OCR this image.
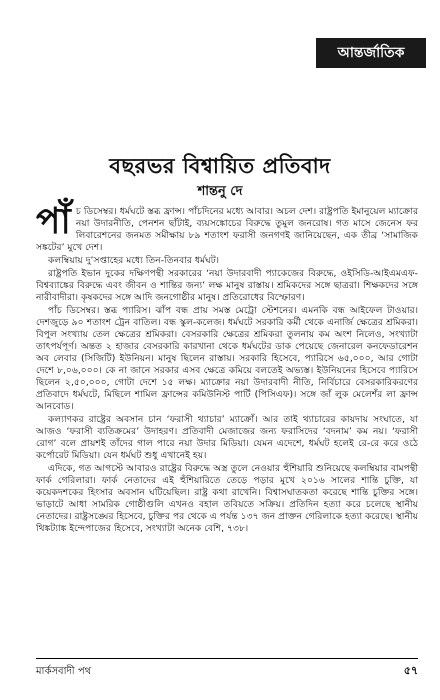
আন্তর্জাতিক
বছরভর বিশ্বায়িত প্রতিবাদ
শান্তনু দে

পাঁচ ডিসেম্বর। ধর্মঘটে স্তব্ধ ফ্রান্স। পাঁচদিনের মধ্যে আবার। অচল দেশ। রাষ্ট্রপতি ইমানুয়েল ম্যাক্রোর নয়া উদারনীতি, পেনশন ছাঁটাই, ব্যয়সঙ্কোচের বিরুদ্ধে তুমুল জনরোষ। গত মাসে জেনেস ফর লিবারেশনের জনমত সমীক্ষায় ৮৯ শতাংশ ফরাসী জনগণই জানিয়েছেন, এক তীব্র ‘সামাজিক সঙ্কটের’ মুখে দেশ।

কলম্বিয়ায় দু’সপ্তাহের মধ্যে তিন-তিনবার ধর্মঘট।

রাষ্ট্রপতি ইভান দুকের দক্ষিণপন্থী সরকারের ‘নয়া উদারবাদী প্যাকেজের বিরুদ্ধে, ওইসিডি-আইএমএফ-বিশ্বব্যাঙ্কের বিরুদ্ধে এবং জীবন ও শান্তির জন্য’ লক্ষ মানুষ রাস্তায়। শ্রমিকদের সঙ্গে ছাত্ররা। শিক্ষকদের সঙ্গে নারীবাদীরা। কৃষকদের সঙ্গে আদি জনগোষ্ঠীর মানুষ। প্রতিরোধের বিস্ফোরণ।

পাঁচ ডিসেম্বর। স্তব্ধ প্যারিস। ঝাঁপ বন্ধ প্রায় সমস্ত মেট্রো স্টেশনের। এমনকি বন্ধ আইফেল টাওয়ার। দেশজুড়ে ৯০ শতাংশ ট্রেন বাতিল। বন্ধ স্কুল-কলেজ। ধর্মঘটে সরকারি কর্মী থেকে এনার্জি ক্ষেত্রের শ্রমিকরা। বিপুল সংখ্যায় তেল ক্ষেত্রের শ্রমিকরা। বেসরকারি ক্ষেত্রের শ্রমিকরা তুলনায় কম অংশ নিলেও, সংখ্যাটা তাৎপর্যপূর্ণ। অন্তত ২ হাজার বেসরকারি কারখানা থেকে ধর্মঘটের ডাক পেয়েছে জেনারেল কনফেডারেশন অব লেবার (সিজিটি) ইউনিয়ন। মানুষ ছিলেন রাস্তায়। সরকারি হিসেবে, প্যারিসে ৬৫,০০০, আর গোটা দেশে ৮,০৬,০০০। কে না জানে সরকার এসব ক্ষেত্রে কমিয়ে বলতেই অভ্যস্ত। ইউনিয়নের হিসেবে প্যারিসে ছিলেন ২,৫০,০০০, গোটা দেশে ১৫ লক্ষ। ম্যাক্রোর নয়া উদারবাদী নীতি, নির্বিচারে বেসরকারিকরণের প্রতিবাদে ধর্মঘটে, মিছিলে শামিল ফ্রান্সের কমিউনিস্ট পার্টি (পিসিএফ)। সঙ্গে জাঁ লুক মেলেশঁর লা ফ্রান্স আনবোড।

কল্যাণকর রাষ্ট্রের অবসান চান ‘ফরাসী থ্যাচার’ ম্যাক্রোঁ। আর তাই থ্যাচারের কায়দায় সংঘাতে, যা আজও ‘ফরাসী ব্যতিক্রমের’ উদাহরণ। প্রতিবাদী মেজাজের জন্য ফরাসিদের ‘বদনাম’ কম নয়। ‘ফরাসী রোগ’ বলে প্রায়শই তাঁদের গাল পারে নয়া উদার মিডিয়া। যেমন এদেশে, ধর্মঘট হলেই রে-রে করে ওঠে কর্পোরেট মিডিয়া। যেন ধর্মঘট শুধু এখানেই হয়।

এদিকে, গত আগস্টে আবারও রাষ্ট্রের বিরুদ্ধে অস্ত্র তুলে নেওয়ার হুঁশিয়ারি শুনিয়েছে কলম্বিয়ার বামপন্থী ফার্ক গেরিলারা। ফার্ক নেতাদের এই হুঁশিয়ারিতে তেড়ে পড়ার মুখে ২০১৬ সালের শান্তি চুক্তি, যা কয়েকদশকের হিংসার অবসান ঘটিয়েছিল। রাষ্ট্র কথা রাখেনি। বিশ্বাসঘাতকতা করেছে শান্তি চুক্তির সঙ্গে। ভাড়াটে আধা সামরিক গোষ্ঠীগুলি এখনও বহাল তবিয়তে সক্রিয়। প্রতিদিন হত্যা করে চলেছে স্থানীয় নেতাদের। রাষ্ট্রসঙ্ঘের হিসেবে, চুক্তির পর থেকে এ পর্যন্ত ১৩৭ জন প্রাক্তন গেরিলাকে হত্যা করেছে। স্থানীয় থিঙ্কট্যাঙ্ক ইন্দেপাজের হিসেবে, সংখ্যাটা অনেক বেশি, ৭৩৮।

মার্কসবাদী পথ	৫৭
